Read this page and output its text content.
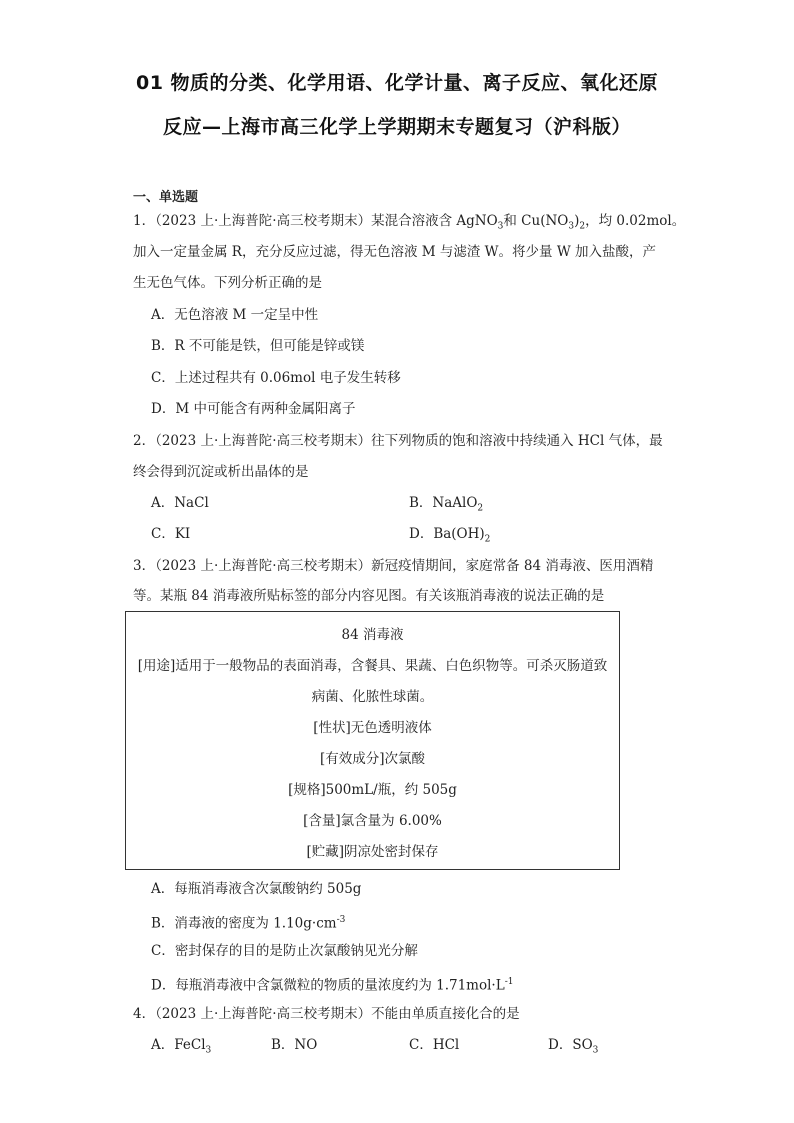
01 物质的分类、化学用语、化学计量、离子反应、氧化还原
反应—上海市高三化学上学期期末专题复习（沪科版）
一、单选题
1．（2023 上·上海普陀·高三校考期末）某混合溶液含 AgNO$_3$和 $Cu(NO_3)_2$，均 0.02mol。
加入一定量金属 R，充分反应过滤，得无色溶液 M 与滤渣 W。将少量 W 加入盐酸，产
生无色气体。下列分析正确的是
A．无色溶液 M 一定呈中性
B．R 不可能是铁，但可能是锌或镁
C．上述过程共有 0.06mol 电子发生转移
D．M 中可能含有两种金属阳离子
2．（2023 上·上海普陀·高三校考期末）往下列物质的饱和溶液中持续通入 HCl 气体，最
终会得到沉淀或析出晶体的是
A．NaCl	B．NaAlO$_2$
C．KI	D．$Ba(OH)_2$
3．（2023 上·上海普陀·高三校考期末）新冠疫情期间，家庭常备 84 消毒液、医用酒精
等。某瓶 84 消毒液所贴标签的部分内容见图。有关该瓶消毒液的说法正确的是
84 消毒液
[用途]适用于一般物品的表面消毒，含餐具、果蔬、白色织物等。可杀灭肠道致
病菌、化脓性球菌。
[性状]无色透明液体
[有效成分]次氯酸
[规格]500mL/瓶，约 505g
[含量]氯含量为 6.00%
[贮藏]阴凉处密封保存
A．每瓶消毒液含次氯酸钠约 505g
B．消毒液的密度为 $1.10g\cdot cm^{-3}$
C．密封保存的目的是防止次氯酸钠见光分解
D．每瓶消毒液中含氯微粒的物质的量浓度约为 $1.71mol\cdot L^{-1}$
4．（2023 上·上海普陀·高三校考期末）不能由单质直接化合的是
A．FeCl$_3$	B．NO	C．HCl	D．$SO_3$
